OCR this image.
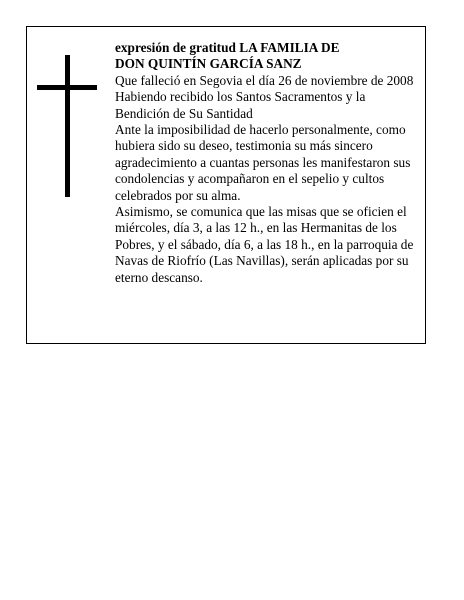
expresión de gratitud LA FAMILIA DE

DON QUINTÍN GARCÍA SANZ

Que falleció en Segovia el día 26 de noviembre de 2008

Habiendo recibido los Santos Sacramentos y la

Bendición de Su Santidad

Ante la imposibilidad de hacerlo personalmente, como

hubiera sido su deseo, testimonia su más sincero

agradecimiento a cuantas personas les manifestaron sus

condolencias y acompañaron en el sepelio y cultos

celebrados por su alma.

Asimismo, se comunica que las misas que se oficien el

miércoles, día 3, a las 12 h., en las Hermanitas de los

Pobres, y el sábado, día 6, a las 18 h., en la parroquia de

Navas de Riofrío (Las Navillas), serán aplicadas por su

eterno descanso.
